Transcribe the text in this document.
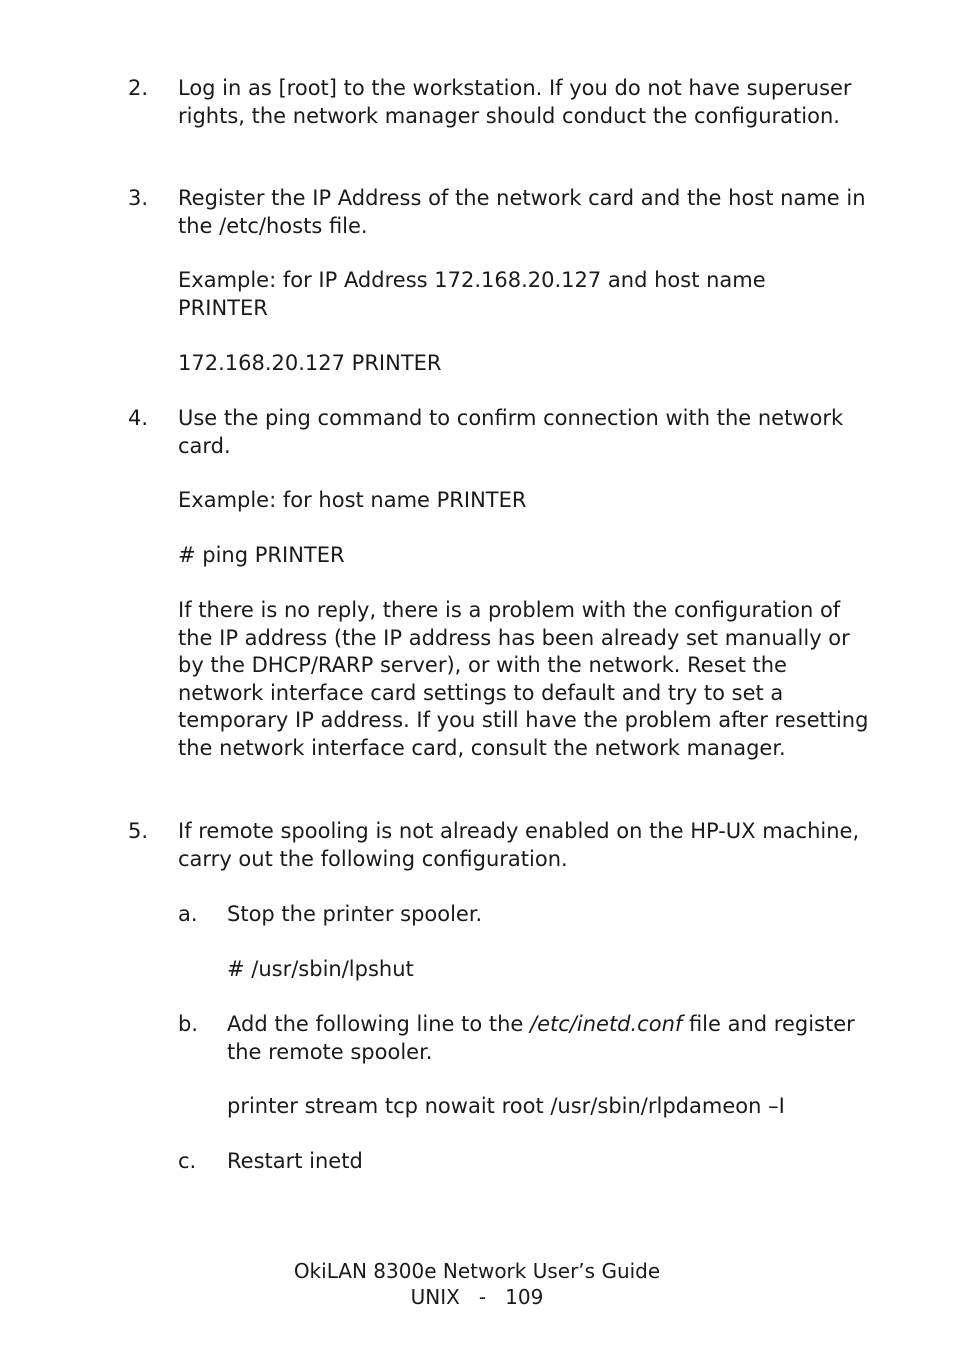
2. Log in as [root] to the workstation. If you do not have superuser rights, the network manager should conduct the configuration.

3. Register the IP Address of the network card and the host name in the /etc/hosts file.

Example: for IP Address 172.168.20.127 and host name PRINTER

172.168.20.127 PRINTER

4. Use the ping command to confirm connection with the network card.

Example: for host name PRINTER

# ping PRINTER

If there is no reply, there is a problem with the configuration of the IP address (the IP address has been already set manually or by the DHCP/RARP server), or with the network. Reset the network interface card settings to default and try to set a temporary IP address. If you still have the problem after resetting the network interface card, consult the network manager.

5. If remote spooling is not already enabled on the HP-UX machine, carry out the following configuration.

a. Stop the printer spooler.

# /usr/sbin/lpshut

b. Add the following line to the /etc/inetd.conf file and register the remote spooler.

printer stream tcp nowait root /usr/sbin/rlpdameon –I

c. Restart inetd

OkiLAN 8300e Network User’s Guide
UNIX   -   109
